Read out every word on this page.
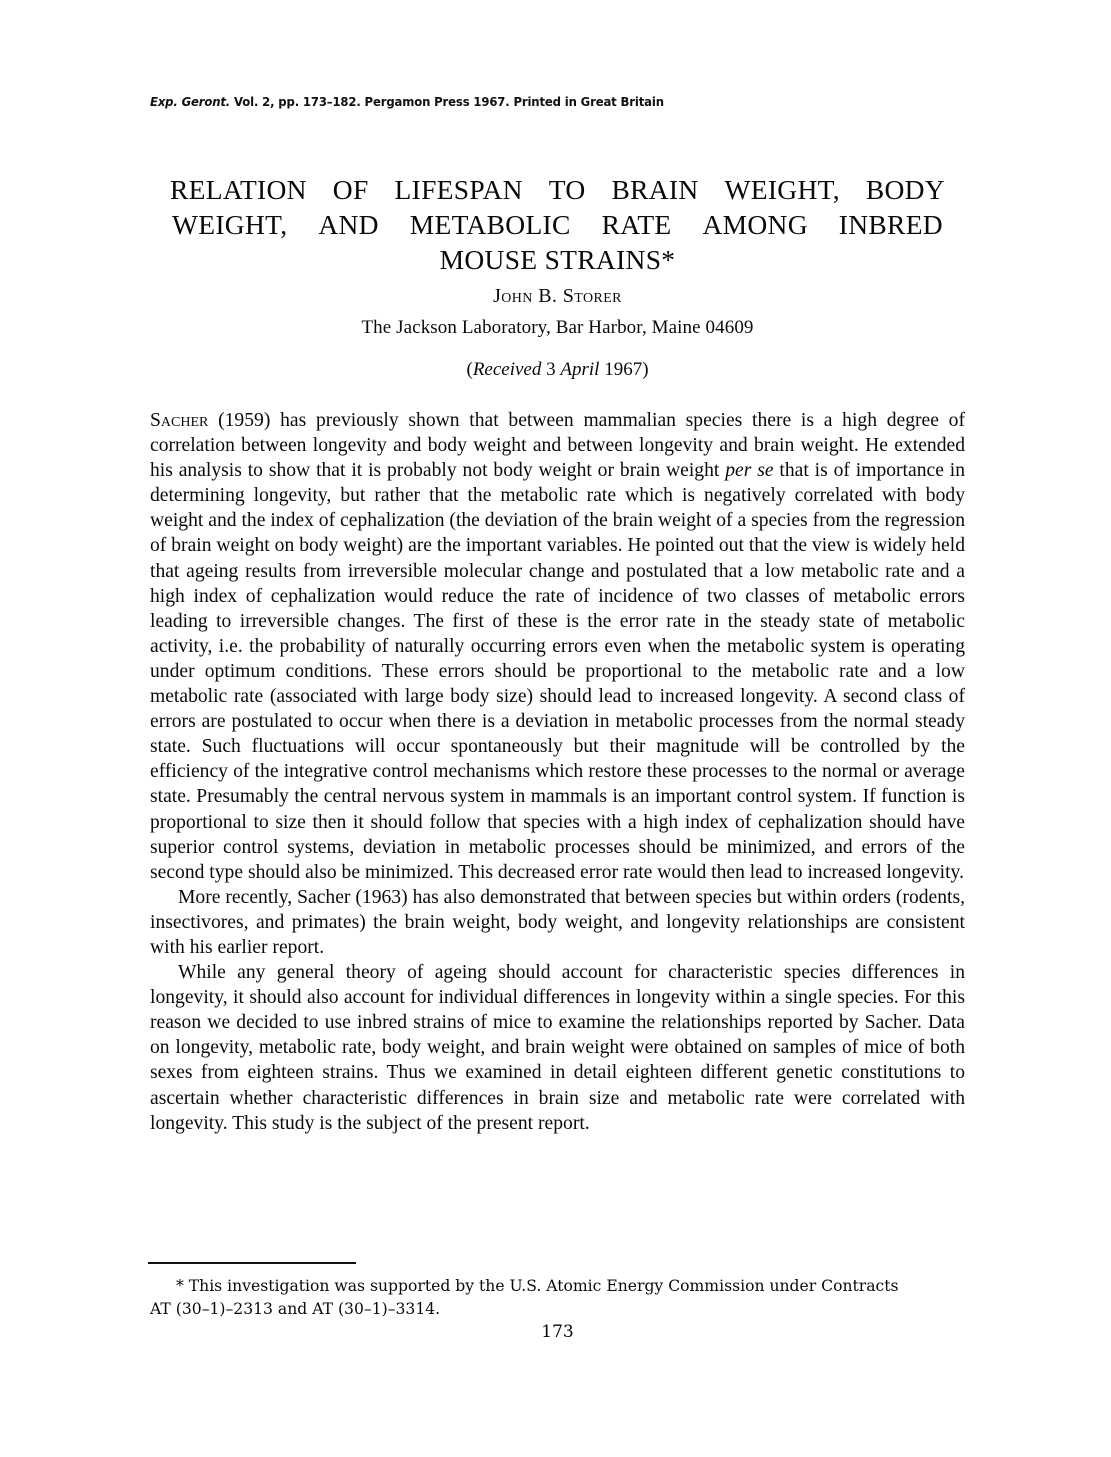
Exp. Geront. Vol. 2, pp. 173–182. Pergamon Press 1967. Printed in Great Britain
RELATION OF LIFESPAN TO BRAIN WEIGHT, BODY
WEIGHT, AND METABOLIC RATE AMONG INBRED
MOUSE STRAINS*
John B. Storer
The Jackson Laboratory, Bar Harbor, Maine 04609
(Received 3 April 1967)

Sacher (1959) has previously shown that between mammalian species there is a high degree of correlation between longevity and body weight and between longevity and brain weight. He extended his analysis to show that it is probably not body weight or brain weight per se that is of importance in determining longevity, but rather that the metabolic rate which is negatively correlated with body weight and the index of cephalization (the deviation of the brain weight of a species from the regression of brain weight on body weight) are the important variables. He pointed out that the view is widely held that ageing results from irreversible molecular change and postulated that a low metabolic rate and a high index of cephalization would reduce the rate of incidence of two classes of metabolic errors leading to irreversible changes. The first of these is the error rate in the steady state of metabolic activity, i.e. the probability of naturally occurring errors even when the metabolic system is operating under optimum conditions. These errors should be proportional to the metabolic rate and a low metabolic rate (associated with large body size) should lead to increased longevity. A second class of errors are postulated to occur when there is a deviation in metabolic processes from the normal steady state. Such fluctuations will occur spontaneously but their magnitude will be controlled by the efficiency of the integrative control mechanisms which restore these processes to the normal or average state. Presumably the central nervous system in mammals is an important control system. If function is proportional to size then it should follow that species with a high index of cephalization should have superior control systems, deviation in metabolic processes should be minimized, and errors of the second type should also be minimized. This decreased error rate would then lead to increased longevity.

More recently, Sacher (1963) has also demonstrated that between species but within orders (rodents, insectivores, and primates) the brain weight, body weight, and longevity relationships are consistent with his earlier report.

While any general theory of ageing should account for characteristic species differences in longevity, it should also account for individual differences in longevity within a single species. For this reason we decided to use inbred strains of mice to examine the relationships reported by Sacher. Data on longevity, metabolic rate, body weight, and brain weight were obtained on samples of mice of both sexes from eighteen strains. Thus we examined in detail eighteen different genetic constitutions to ascertain whether characteristic differences in brain size and metabolic rate were correlated with longevity. This study is the subject of the present report.

* This investigation was supported by the U.S. Atomic Energy Commission under Contracts

AT (30–1)–2313 and AT (30–1)–3314.

173
